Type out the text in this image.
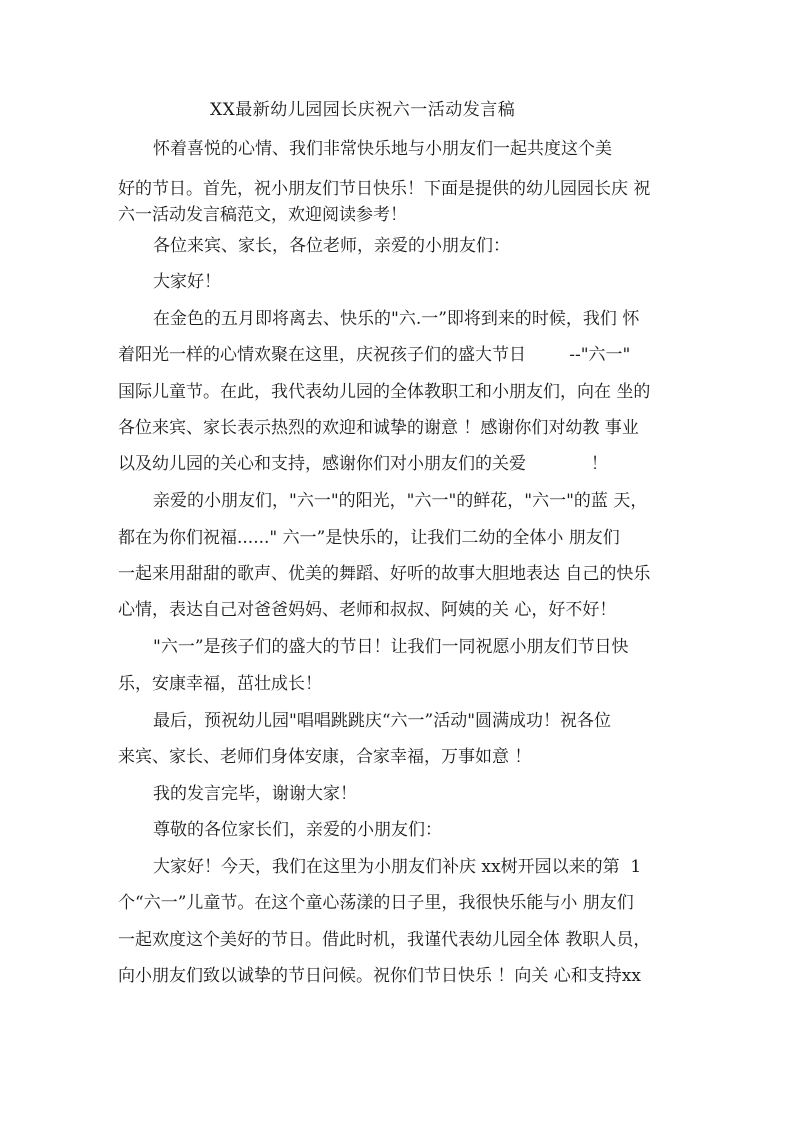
XX最新幼儿园园长庆祝六一活动发言稿
怀着喜悦的心情、我们非常快乐地与小朋友们一起共度这个美
好的节日。首先，祝小朋友们节日快乐！下面是提供的幼儿园园长庆 祝
六一活动发言稿范文，欢迎阅读参考！
各位来宾、家长，各位老师，亲爱的小朋友们：
大家好！
在金色的五月即将离去、快乐的"六.一”即将到来的时候，我们 怀
着阳光一样的心情欢聚在这里，庆祝孩子们的盛大节日        --"六一"
国际儿童节。在此，我代表幼儿园的全体教职工和小朋友们，向在 坐的
各位来宾、家长表示热烈的欢迎和诚挚的谢意 ！感谢你们对幼教 事业
以及幼儿园的关心和支持，感谢你们对小朋友们的关爱            ！
亲爱的小朋友们，"六一"的阳光，"六一"的鲜花，"六一"的蓝 天，
都在为你们祝福......" 六一”是快乐的，让我们二幼的全体小 朋友们
一起来用甜甜的歌声、优美的舞蹈、好听的故事大胆地表达 自己的快乐
心情，表达自己对爸爸妈妈、老师和叔叔、阿姨的关 心，好不好！
"六一”是孩子们的盛大的节日！让我们一同祝愿小朋友们节日快
乐，安康幸福，茁壮成长！
最后，预祝幼儿园"唱唱跳跳庆“六一”活动"圆满成功！祝各位
来宾、家长、老师们身体安康，合家幸福，万事如意 ！
我的发言完毕，谢谢大家！
尊敬的各位家长们，亲爱的小朋友们：
大家好！今天，我们在这里为小朋友们补庆 xx树开园以来的第  1
个“六一”儿童节。在这个童心荡漾的日子里，我很快乐能与小 朋友们
一起欢度这个美好的节日。借此时机，我谨代表幼儿园全体 教职人员，
向小朋友们致以诚挚的节日问候。祝你们节日快乐 ！向关 心和支持xx
